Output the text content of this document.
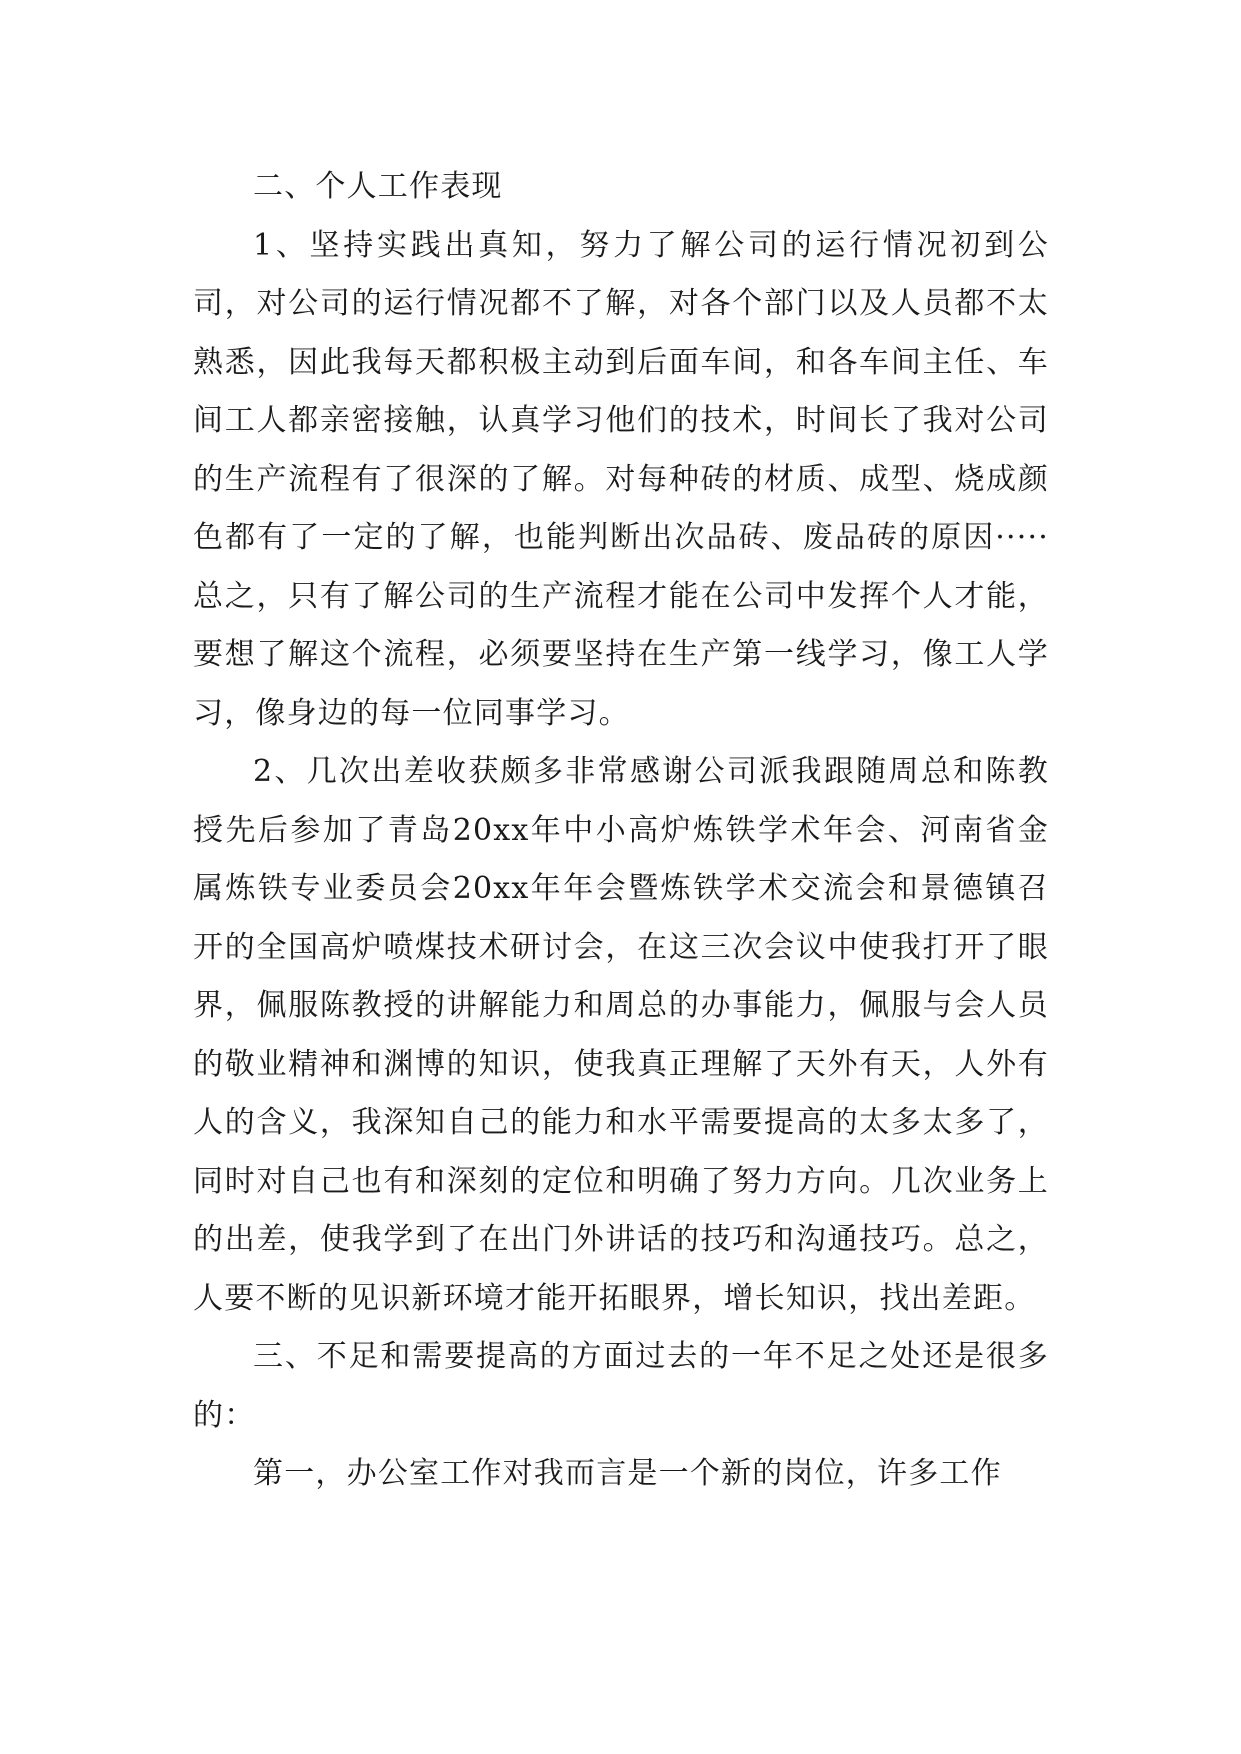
二、个人工作表现

1、坚持实践出真知，努力了解公司的运行情况初到公司，对公司的运行情况都不了解，对各个部门以及人员都不太熟悉，因此我每天都积极主动到后面车间，和各车间主任、车间工人都亲密接触，认真学习他们的技术，时间长了我对公司的生产流程有了很深的了解。对每种砖的材质、成型、烧成颜色都有了一定的了解，也能判断出次品砖、废品砖的原因·····总之，只有了解公司的生产流程才能在公司中发挥个人才能，要想了解这个流程，必须要坚持在生产第一线学习，像工人学习，像身边的每一位同事学习。

2、几次出差收获颇多非常感谢公司派我跟随周总和陈教授先后参加了青岛20xx年中小高炉炼铁学术年会、河南省金属炼铁专业委员会20xx年年会暨炼铁学术交流会和景德镇召开的全国高炉喷煤技术研讨会，在这三次会议中使我打开了眼界，佩服陈教授的讲解能力和周总的办事能力，佩服与会人员的敬业精神和渊博的知识，使我真正理解了天外有天，人外有人的含义，我深知自己的能力和水平需要提高的太多太多了，同时对自己也有和深刻的定位和明确了努力方向。几次业务上的出差，使我学到了在出门外讲话的技巧和沟通技巧。总之，人要不断的见识新环境才能开拓眼界，增长知识，找出差距。

三、不足和需要提高的方面过去的一年不足之处还是很多的：

第一，办公室工作对我而言是一个新的岗位，许多工作
